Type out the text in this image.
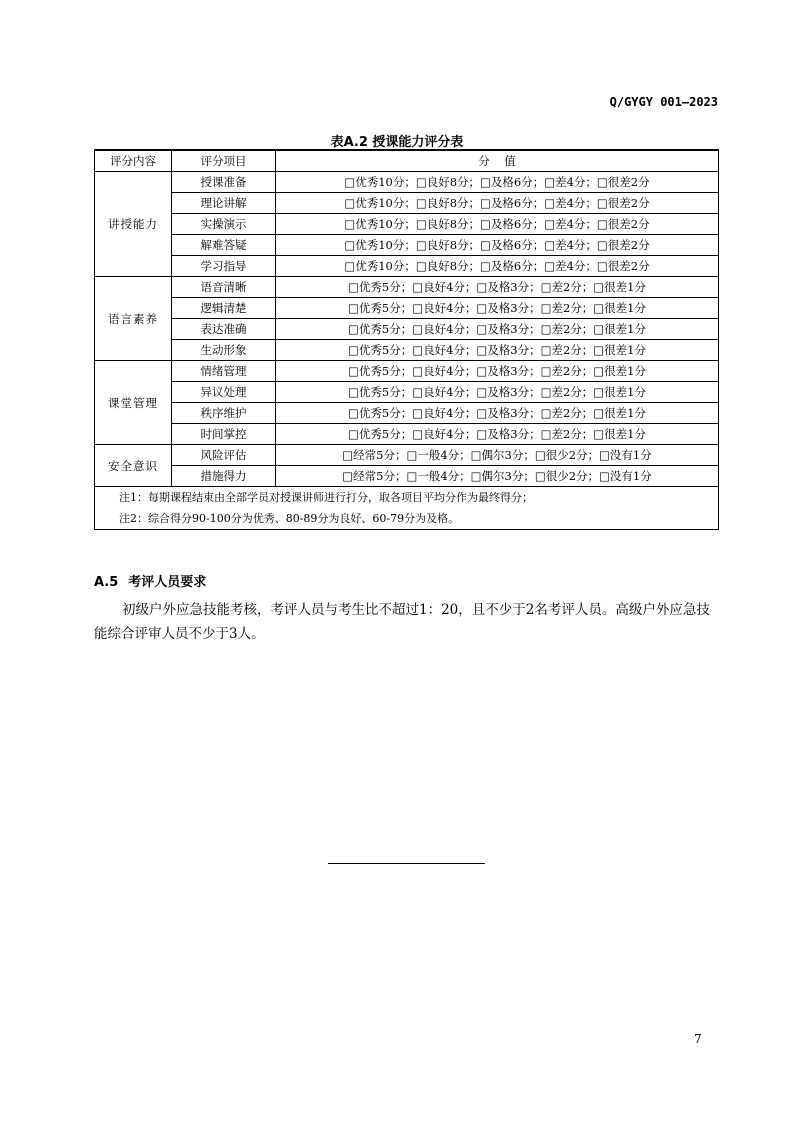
Q/GYGY 001—2023
表A.2 授课能力评分表
评分内容	评分项目	分    值
讲授能力	授课准备	□优秀10分；□良好8分；□及格6分；□差4分；□很差2分
	理论讲解	□优秀10分；□良好8分；□及格6分；□差4分；□很差2分
	实操演示	□优秀10分；□良好8分；□及格6分；□差4分；□很差2分
	解难答疑	□优秀10分；□良好8分；□及格6分；□差4分；□很差2分
	学习指导	□优秀10分；□良好8分；□及格6分；□差4分；□很差2分
语言素养	语音清晰	□优秀5分；□良好4分；□及格3分；□差2分；□很差1分
	逻辑清楚	□优秀5分；□良好4分；□及格3分；□差2分；□很差1分
	表达准确	□优秀5分；□良好4分；□及格3分；□差2分；□很差1分
	生动形象	□优秀5分；□良好4分；□及格3分；□差2分；□很差1分
课堂管理	情绪管理	□优秀5分；□良好4分；□及格3分；□差2分；□很差1分
	异议处理	□优秀5分；□良好4分；□及格3分；□差2分；□很差1分
	秩序维护	□优秀5分；□良好4分；□及格3分；□差2分；□很差1分
	时间掌控	□优秀5分；□良好4分；□及格3分；□差2分；□很差1分
安全意识	风险评估	□经常5分；□一般4分；□偶尔3分；□很少2分；□没有1分
	措施得力	□经常5分；□一般4分；□偶尔3分；□很少2分；□没有1分

注1：每期课程结束由全部学员对授课讲师进行打分，取各项目平均分作为最终得分；
注2：综合得分90-100分为优秀、80-89分为良好、60-79分为及格。		
A.5 考评人员要求

初级户外应急技能考核，考评人员与考生比不超过1：20，且不少于2名考评人员。高级户外应急技能综合评审人员不少于3人。

7
